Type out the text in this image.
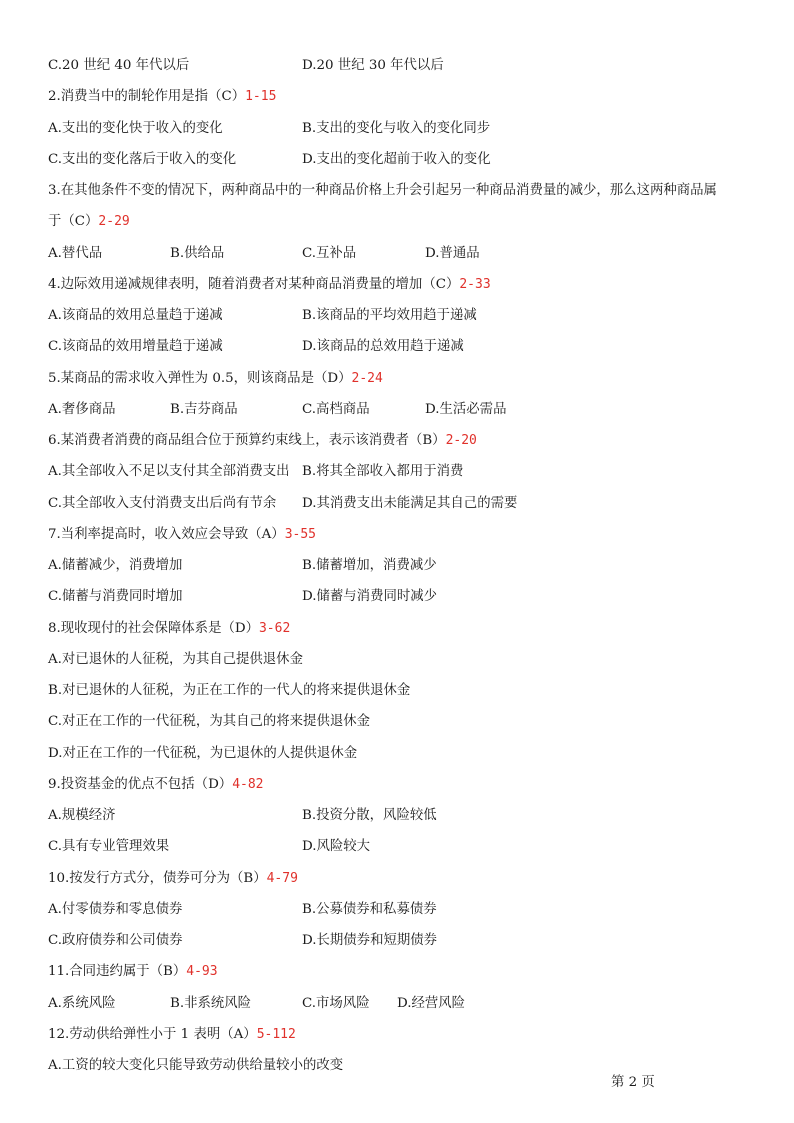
C.20 世纪 40 年代以后	D.20 世纪 30 年代以后
2.消费当中的制轮作用是指（C）1-15
A.支出的变化快于收入的变化	B.支出的变化与收入的变化同步
C.支出的变化落后于收入的变化	D.支出的变化超前于收入的变化
3.在其他条件不变的情况下，两种商品中的一种商品价格上升会引起另一种商品消费量的减少，那么这两种商品属
于（C）2-29
A.替代品	B.供给品	C.互补品	D.普通品
4.边际效用递减规律表明，随着消费者对某种商品消费量的增加（C）2-33
A.该商品的效用总量趋于递减	B.该商品的平均效用趋于递减
C.该商品的效用增量趋于递减	D.该商品的总效用趋于递减
5.某商品的需求收入弹性为 0.5，则该商品是（D）2-24
A.奢侈商品	B.吉芬商品	C.高档商品	D.生活必需品
6.某消费者消费的商品组合位于预算约束线上，表示该消费者（B）2-20
A.其全部收入不足以支付其全部消费支出 B.将其全部收入都用于消费
C.其全部收入支付消费支出后尚有节余 D.其消费支出未能满足其自己的需要
7.当利率提高时，收入效应会导致（A）3-55
A.储蓄减少，消费增加	B.储蓄增加，消费减少
C.储蓄与消费同时增加	D.储蓄与消费同时减少
8.现收现付的社会保障体系是（D）3-62
A.对已退休的人征税，为其自己提供退休金
B.对已退休的人征税，为正在工作的一代人的将来提供退休金
C.对正在工作的一代征税，为其自己的将来提供退休金
D.对正在工作的一代征税，为已退休的人提供退休金
9.投资基金的优点不包括（D）4-82
A.规模经济	B.投资分散，风险较低
C.具有专业管理效果	D.风险较大
10.按发行方式分，债券可分为（B）4-79
A.付零债券和零息债券	B.公募债券和私募债券
C.政府债券和公司债券	D.长期债券和短期债券
11.合同违约属于（B）4-93
A.系统风险	B.非系统风险	C.市场风险 D.经营风险
12.劳动供给弹性小于 1 表明（A）5-112
A.工资的较大变化只能导致劳动供给量较小的改变
第 2 页
